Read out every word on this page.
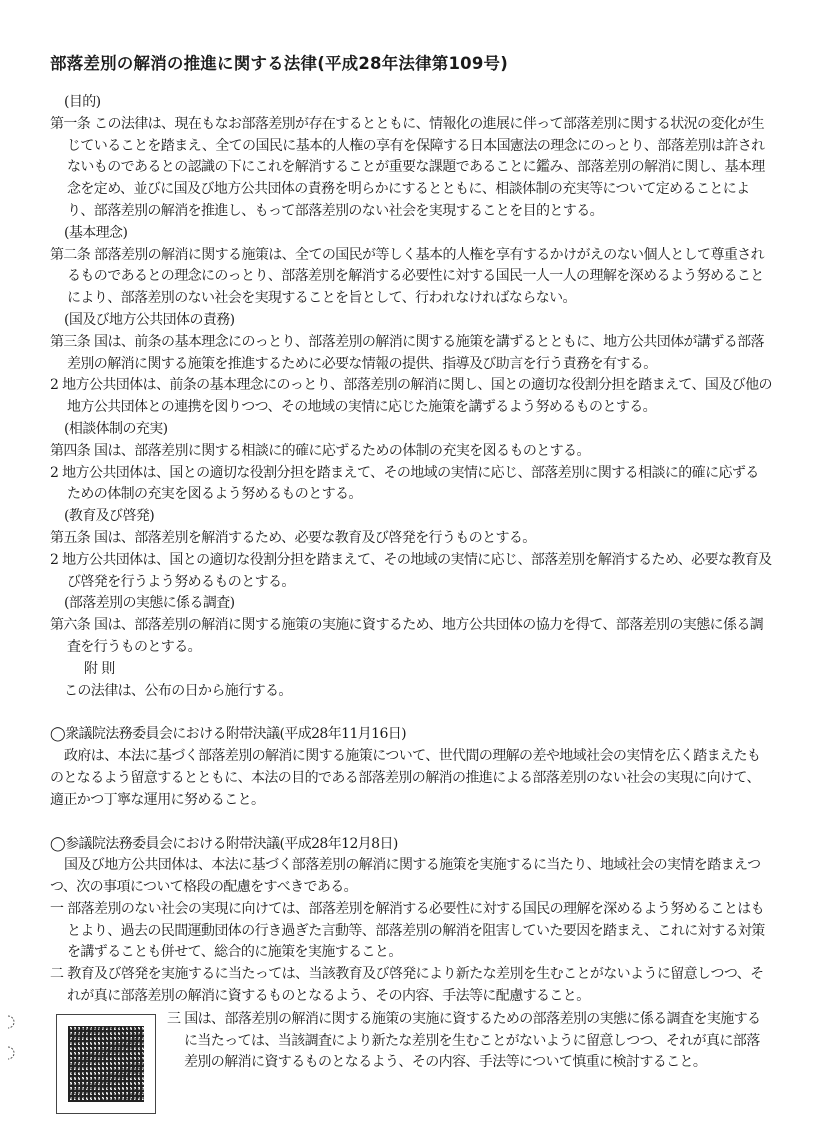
部落差別の解消の推進に関する法律(平成28年法律第109号)

(目的)

第一条 この法律は、現在もなお部落差別が存在するとともに、情報化の進展に伴って部落差別に関する状況の変化が生じていることを踏まえ、全ての国民に基本的人権の享有を保障する日本国憲法の理念にのっとり、部落差別は許されないものであるとの認識の下にこれを解消することが重要な課題であることに鑑み、部落差別の解消に関し、基本理念を定め、並びに国及び地方公共団体の責務を明らかにするとともに、相談体制の充実等について定めることにより、部落差別の解消を推進し、もって部落差別のない社会を実現することを目的とする。

(基本理念)

第二条 部落差別の解消に関する施策は、全ての国民が等しく基本的人権を享有するかけがえのない個人として尊重されるものであるとの理念にのっとり、部落差別を解消する必要性に対する国民一人一人の理解を深めるよう努めることにより、部落差別のない社会を実現することを旨として、行われなければならない。

(国及び地方公共団体の責務)

第三条 国は、前条の基本理念にのっとり、部落差別の解消に関する施策を講ずるとともに、地方公共団体が講ずる部落差別の解消に関する施策を推進するために必要な情報の提供、指導及び助言を行う責務を有する。

2 地方公共団体は、前条の基本理念にのっとり、部落差別の解消に関し、国との適切な役割分担を踏まえて、国及び他の地方公共団体との連携を図りつつ、その地域の実情に応じた施策を講ずるよう努めるものとする。

(相談体制の充実)

第四条 国は、部落差別に関する相談に的確に応ずるための体制の充実を図るものとする。

2 地方公共団体は、国との適切な役割分担を踏まえて、その地域の実情に応じ、部落差別に関する相談に的確に応ずるための体制の充実を図るよう努めるものとする。

(教育及び啓発)

第五条 国は、部落差別を解消するため、必要な教育及び啓発を行うものとする。

2 地方公共団体は、国との適切な役割分担を踏まえて、その地域の実情に応じ、部落差別を解消するため、必要な教育及び啓発を行うよう努めるものとする。

(部落差別の実態に係る調査)

第六条 国は、部落差別の解消に関する施策の実施に資するため、地方公共団体の協力を得て、部落差別の実態に係る調査を行うものとする。

附 則

この法律は、公布の日から施行する。

◯衆議院法務委員会における附帯決議(平成28年11月16日)

政府は、本法に基づく部落差別の解消に関する施策について、世代間の理解の差や地域社会の実情を広く踏まえたものとなるよう留意するとともに、本法の目的である部落差別の解消の推進による部落差別のない社会の実現に向けて、適正かつ丁寧な運用に努めること。

◯参議院法務委員会における附帯決議(平成28年12月8日)

国及び地方公共団体は、本法に基づく部落差別の解消に関する施策を実施するに当たり、地域社会の実情を踏まえつつ、次の事項について格段の配慮をすべきである。

一 部落差別のない社会の実現に向けては、部落差別を解消する必要性に対する国民の理解を深めるよう努めることはもとより、過去の民間運動団体の行き過ぎた言動等、部落差別の解消を阻害していた要因を踏まえ、これに対する対策を講ずることも併せて、総合的に施策を実施すること。

二 教育及び啓発を実施するに当たっては、当該教育及び啓発により新たな差別を生むことがないように留意しつつ、それが真に部落差別の解消に資するものとなるよう、その内容、手法等に配慮すること。

三 国は、部落差別の解消に関する施策の実施に資するための部落差別の実態に係る調査を実施するに当たっては、当該調査により新たな差別を生むことがないように留意しつつ、それが真に部落差別の解消に資するものとなるよう、その内容、手法等について慎重に検討すること。
